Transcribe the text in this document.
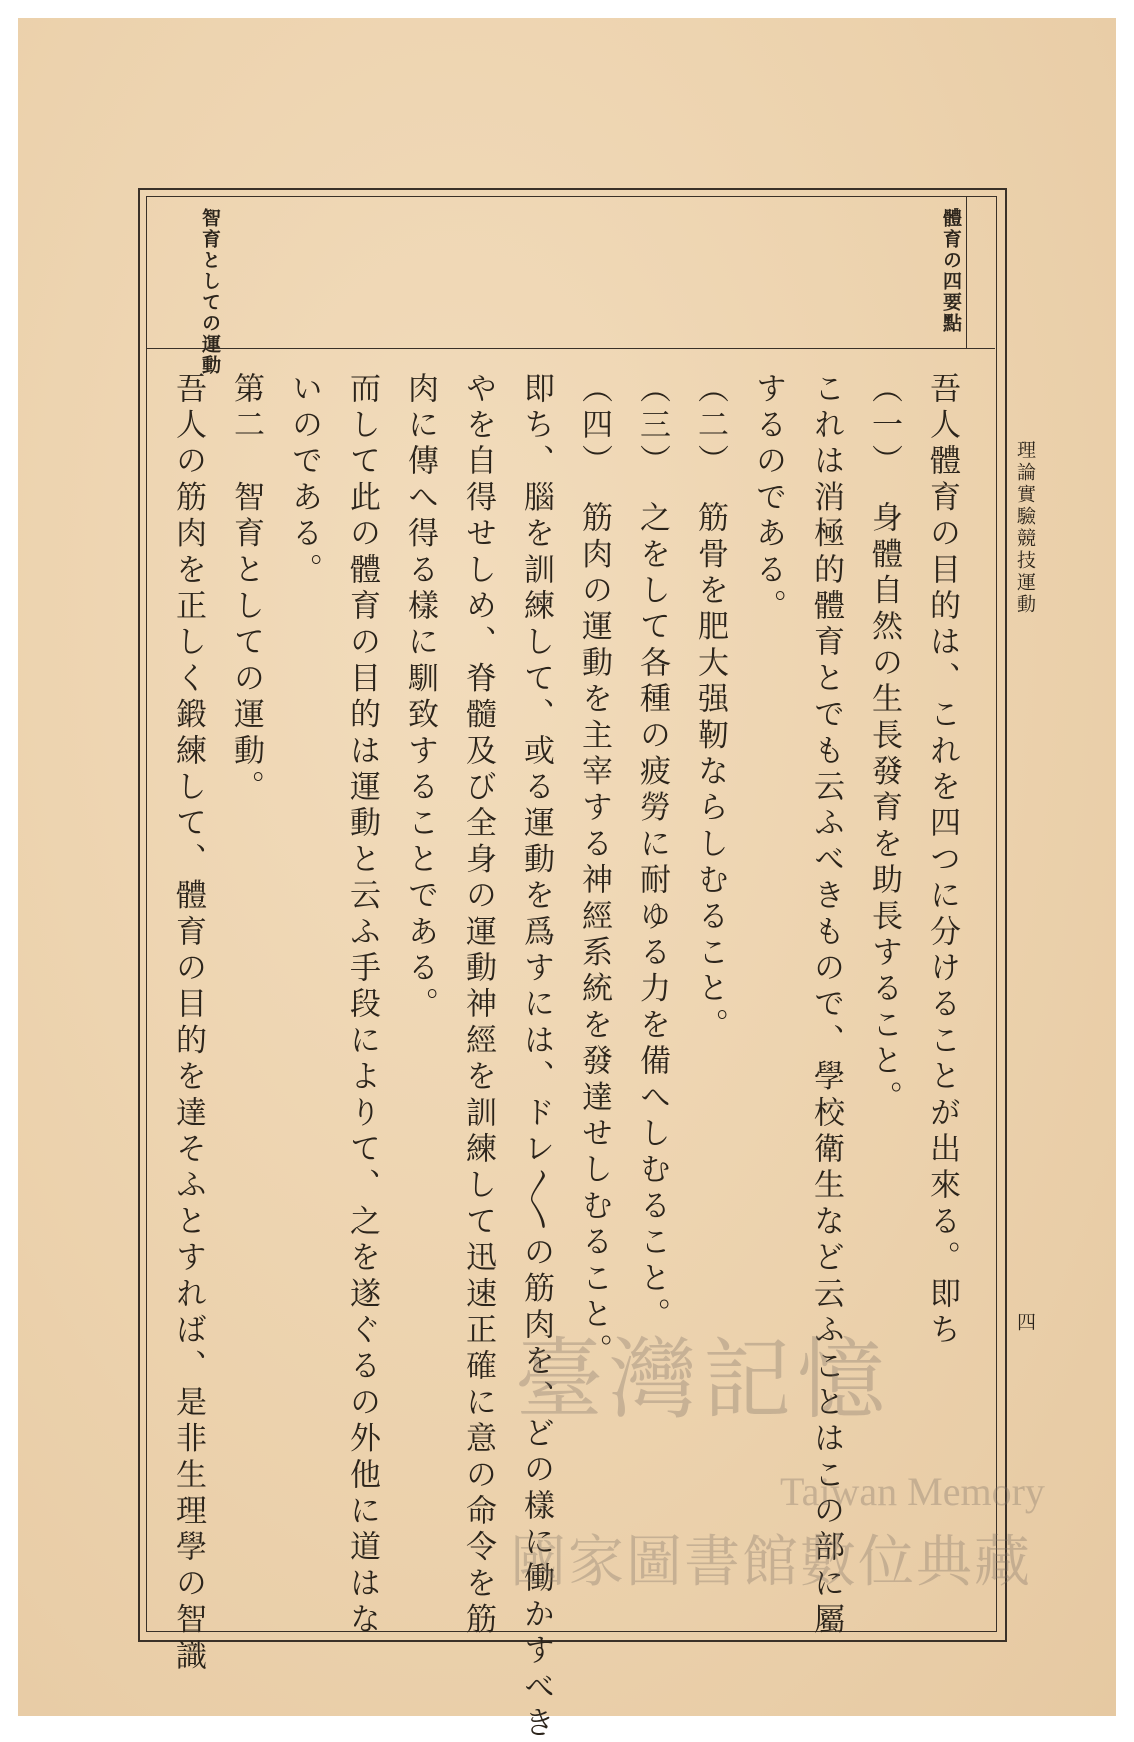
理論實驗競技運動
四
體育の四要點
智育としての運動
吾人體育の目的は、これを四つに分けることが出來る。即ち
（一）　身體自然の生長發育を助長すること。
これは消極的體育とでも云ふべきもので、學校衛生など云ふことはこの部に屬
するのである。
（二）　筋骨を肥大强靭ならしむること。
（三）　之をして各種の疲勞に耐ゆる力を備へしむること。
（四）　筋肉の運動を主宰する神經系統を發達せしむること。
即ち、腦を訓練して、或る運動を爲すには、ドレ〳〵の筋肉を、どの樣に働かすべき
やを自得せしめ、脊髓及び全身の運動神經を訓練して迅速正確に意の命令を筋
肉に傳へ得る樣に馴致することである。
而して此の體育の目的は運動と云ふ手段によりて、之を遂ぐるの外他に道はな
いのである。
第二　智育としての運動。
吾人の筋肉を正しく鍛練して、體育の目的を達そふとすれば、是非生理學の智識	臺灣記憶
Taiwan Memory
國家圖書館數位典藏
